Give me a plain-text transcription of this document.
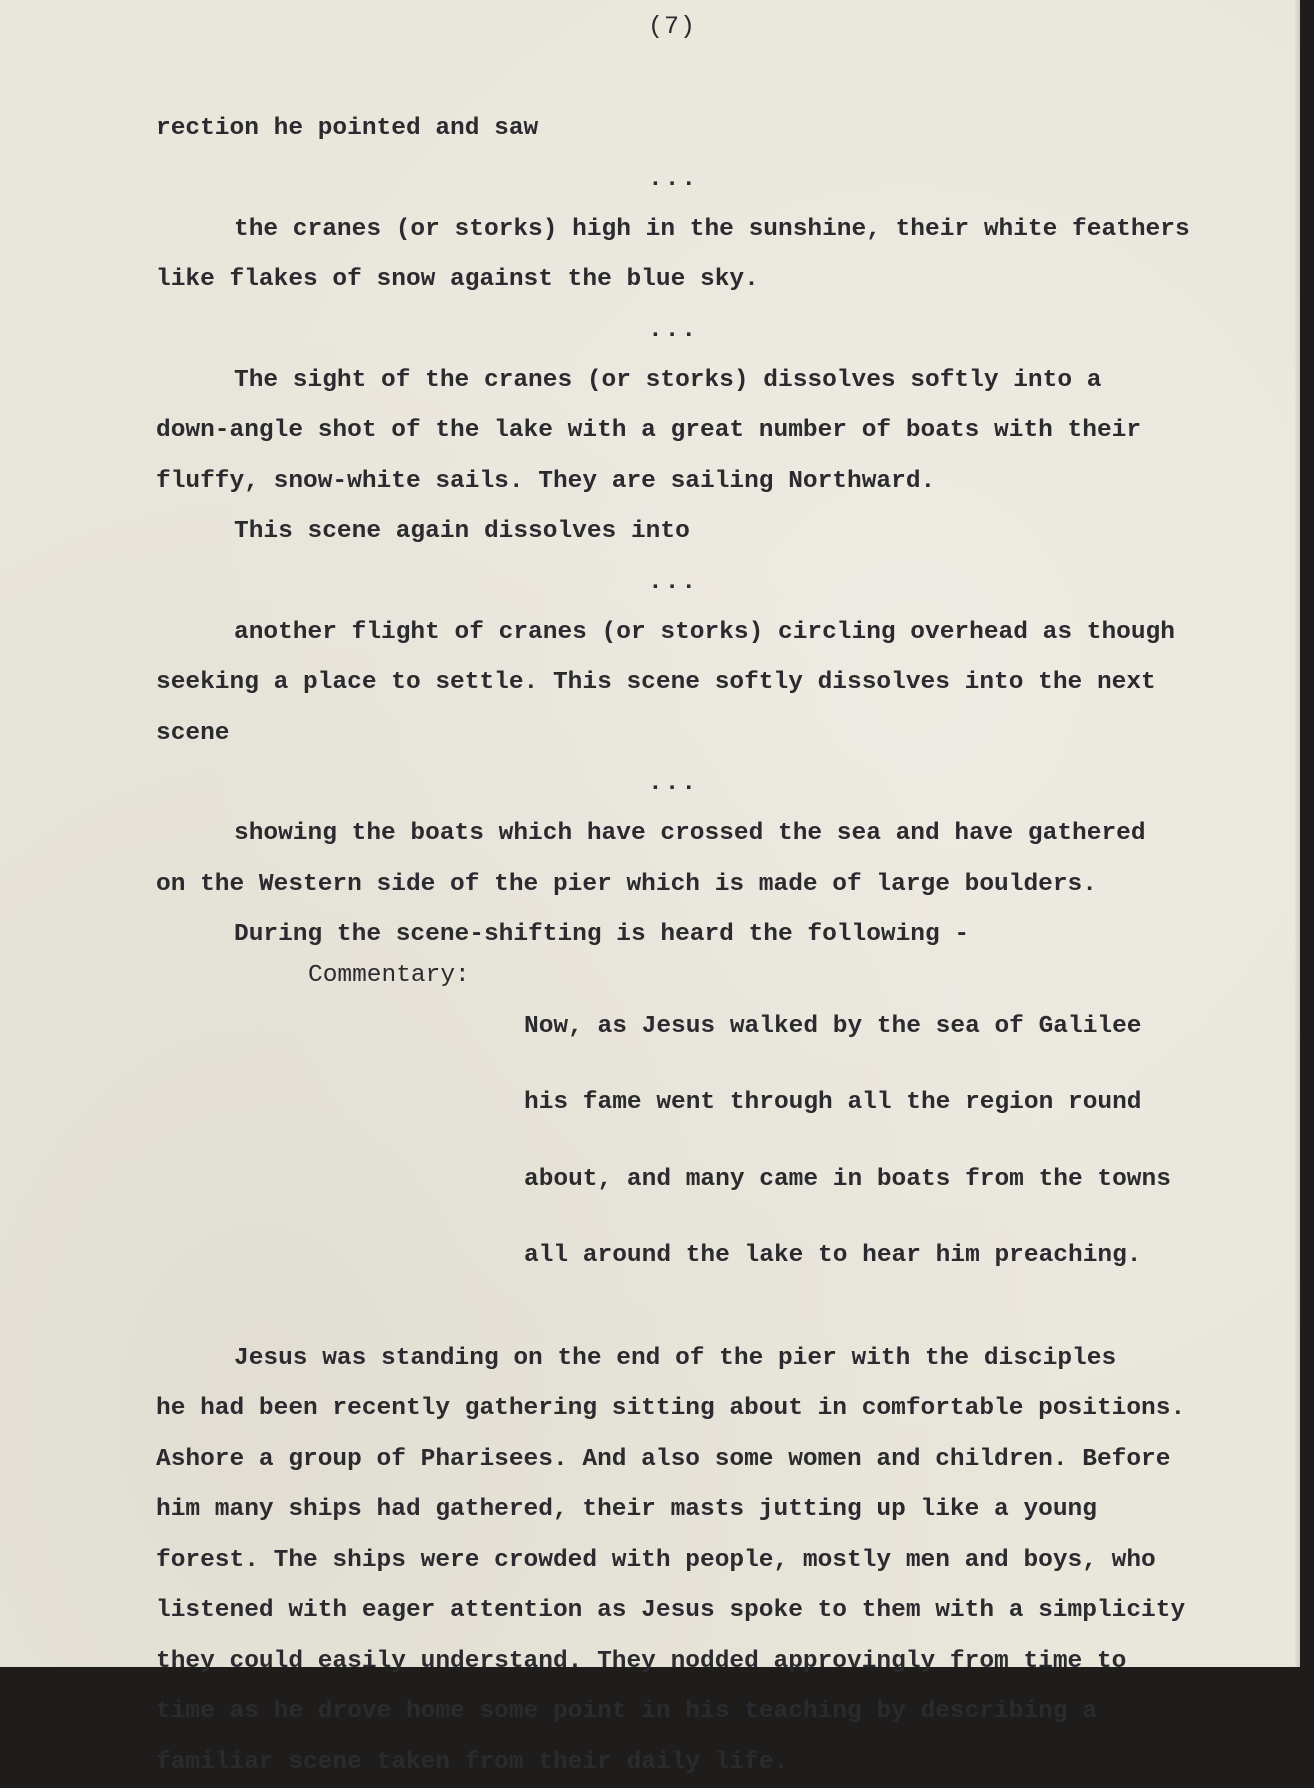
(7)
rection he pointed and saw
...
the cranes (or storks) high in the sunshine, their white feathers
like flakes of snow against the blue sky.
...
The sight of the cranes (or storks) dissolves softly into a
down-angle shot of the lake with a great number of boats with their
fluffy, snow-white sails. They are sailing Northward.
This scene again dissolves into
...
another flight of cranes (or storks) circling overhead as though
seeking a place to settle. This scene softly dissolves into the next
scene
...
showing the boats which have crossed the sea and have gathered
on the Western side of the pier which is made of large boulders.
During the scene-shifting is heard the following -
Commentary:

Now, as Jesus walked by the sea of Galilee

his fame went through all the region round

about, and many came in boats from the towns

all around the lake to hear him preaching.

Jesus was standing on the end of the pier with the disciples
he had been recently gathering sitting about in comfortable positions.
Ashore a group of Pharisees. And also some women and children. Before
him many ships had gathered, their masts jutting up like a young
forest. The ships were crowded with people, mostly men and boys, who
listened with eager attention as Jesus spoke to them with a simplicity
they could easily understand. They nodded approvingly from time to
time as he drove home some point in his teaching by describing a
familiar scene taken from their daily life.
